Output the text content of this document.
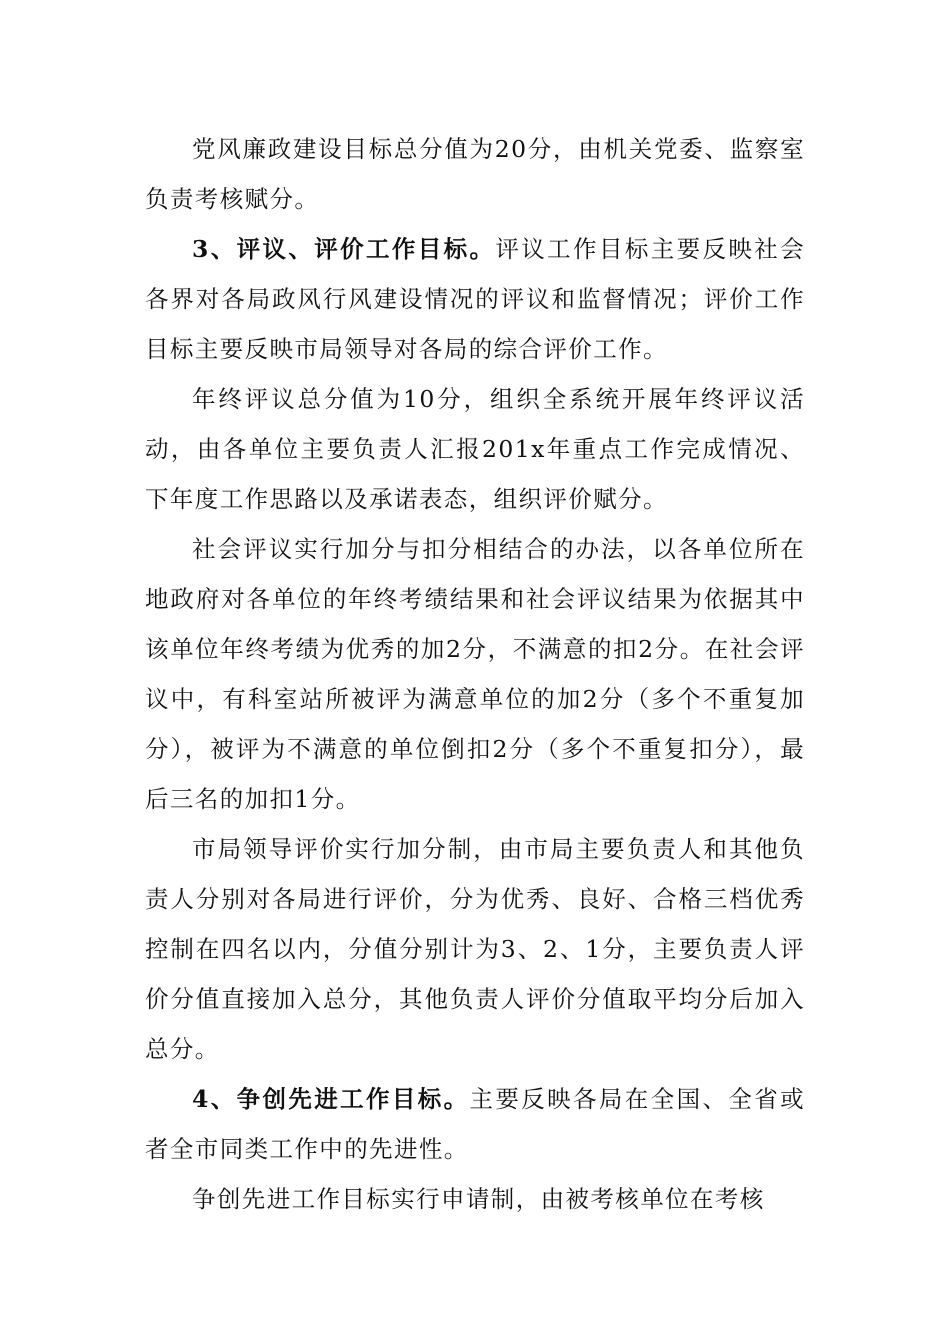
党风廉政建设目标总分值为20分，由机关党委、监察室负责考核赋分。

3、评议、评价工作目标。评议工作目标主要反映社会各界对各局政风行风建设情况的评议和监督情况；评价工作目标主要反映市局领导对各局的综合评价工作。

年终评议总分值为10分，组织全系统开展年终评议活动，由各单位主要负责人汇报201x年重点工作完成情况、下年度工作思路以及承诺表态，组织评价赋分。

社会评议实行加分与扣分相结合的办法，以各单位所在地政府对各单位的年终考绩结果和社会评议结果为依据其中该单位年终考绩为优秀的加2分，不满意的扣2分。在社会评议中，有科室站所被评为满意单位的加2分（多个不重复加分），被评为不满意的单位倒扣2分（多个不重复扣分），最后三名的加扣1分。

市局领导评价实行加分制，由市局主要负责人和其他负责人分别对各局进行评价，分为优秀、良好、合格三档优秀控制在四名以内，分值分别计为3、2、1分，主要负责人评价分值直接加入总分，其他负责人评价分值取平均分后加入总分。

4、争创先进工作目标。主要反映各局在全国、全省或者全市同类工作中的先进性。

争创先进工作目标实行申请制，由被考核单位在考核
